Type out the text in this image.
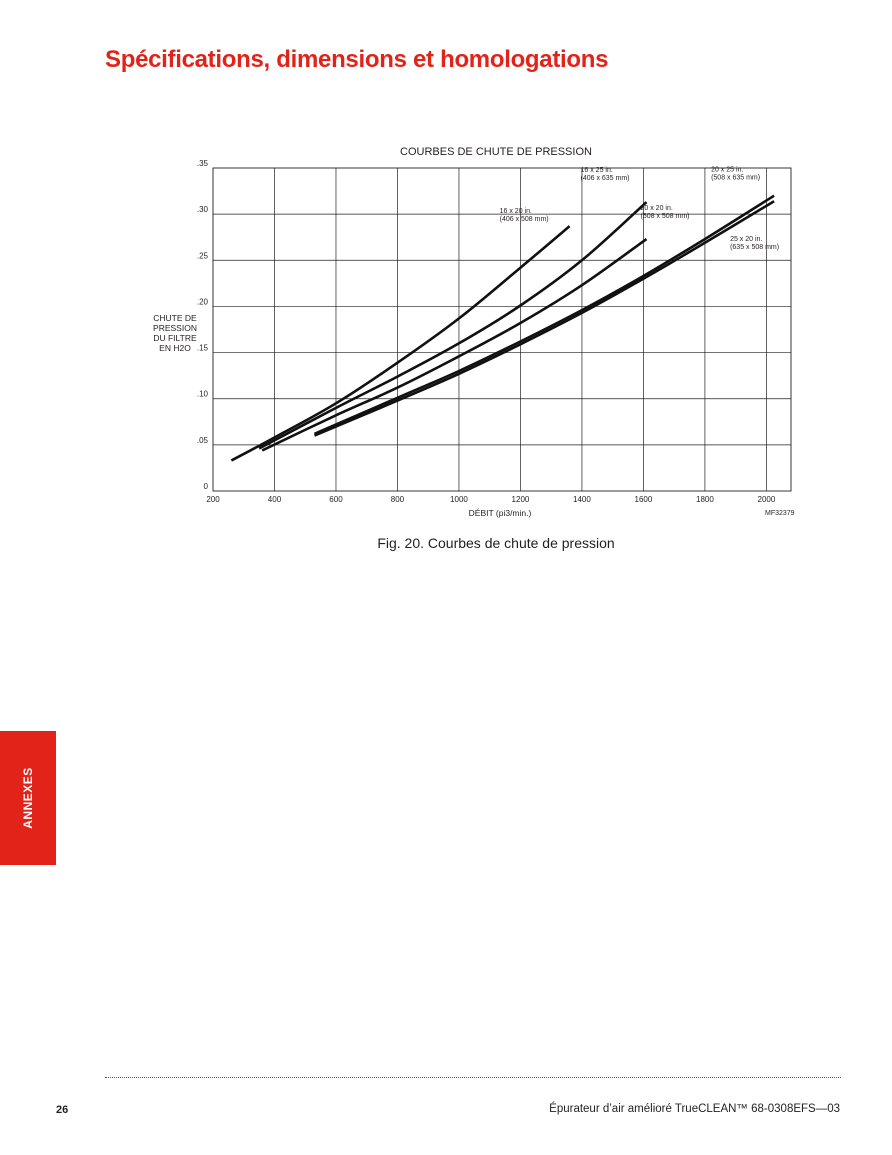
Spécifications, dimensions et homologations
COURBES DE CHUTE DE PRESSION
200	400	600	800	1000	1200	1400	1600	1800	2000
0
.05
.10
.15
.20
.25
.30
.35
16 x 20 in.
(406 x 508 mm)
16 x 25 in.
(406 x 635 mm)
20 x 20 in.
(508 x 508 mm)
20 x 25 in.
(508 x 635 mm)
25 x 20 in.
(635 x 508 mm)
CHUTE DE PRESSION DU FILTRE EN H2O
DÉBIT (pi3/min.)	MF32379
Fig. 20. Courbes de chute de pression
ANNEXES
26	Épurateur d’air amélioré TrueCLEAN™ 68-0308EFS—03
